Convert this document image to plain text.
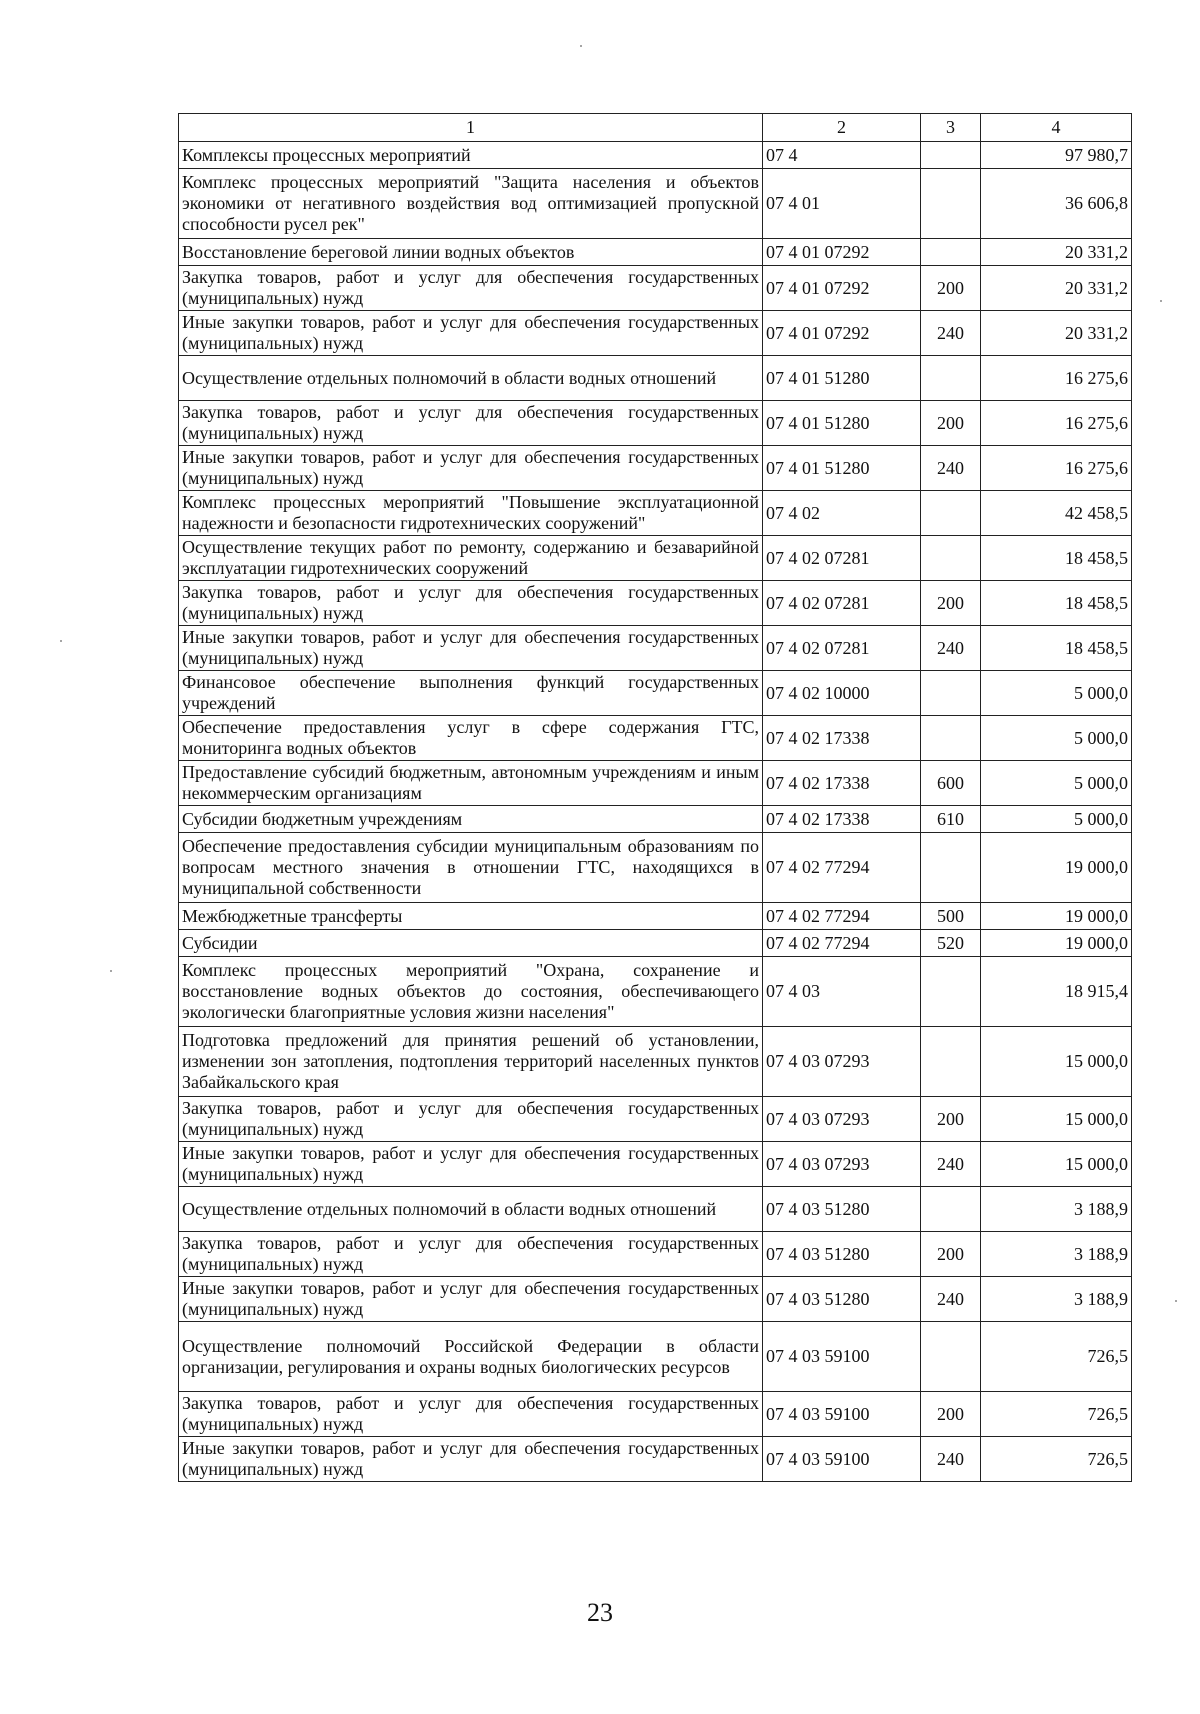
1	2	3	4
Комплексы процессных мероприятий	07 4		97 980,7
Комплекс процессных мероприятий "Защита населения и объектов экономики от негативного воздействия вод оптимизацией пропускной способности русел рек"	07 4 01		36 606,8
Восстановление береговой линии водных объектов	07 4 01 07292		20 331,2
Закупка товаров, работ и услуг для обеспечения государственных (муниципальных) нужд	07 4 01 07292	200	20 331,2
Иные закупки товаров, работ и услуг для обеспечения государственных (муниципальных) нужд	07 4 01 07292	240	20 331,2
Осуществление отдельных полномочий в области водных отношений	07 4 01 51280		16 275,6
Закупка товаров, работ и услуг для обеспечения государственных (муниципальных) нужд	07 4 01 51280	200	16 275,6
Иные закупки товаров, работ и услуг для обеспечения государственных (муниципальных) нужд	07 4 01 51280	240	16 275,6
Комплекс процессных мероприятий "Повышение эксплуатационной надежности и безопасности гидротехнических сооружений"	07 4 02		42 458,5
Осуществление текущих работ по ремонту, содержанию и безаварийной эксплуатации гидротехнических сооружений	07 4 02 07281		18 458,5
Закупка товаров, работ и услуг для обеспечения государственных (муниципальных) нужд	07 4 02 07281	200	18 458,5
Иные закупки товаров, работ и услуг для обеспечения государственных (муниципальных) нужд	07 4 02 07281	240	18 458,5
Финансовое обеспечение выполнения функций государственных учреждений	07 4 02 10000		5 000,0
Обеспечение предоставления услуг в сфере содержания ГТС, мониторинга водных объектов	07 4 02 17338		5 000,0
Предоставление субсидий бюджетным, автономным учреждениям и иным некоммерческим организациям	07 4 02 17338	600	5 000,0
Субсидии бюджетным учреждениям	07 4 02 17338	610	5 000,0
Обеспечение предоставления субсидии муниципальным образованиям по вопросам местного значения в отношении ГТС, находящихся в муниципальной собственности	07 4 02 77294		19 000,0
Межбюджетные трансферты	07 4 02 77294	500	19 000,0
Субсидии	07 4 02 77294	520	19 000,0
Комплекс процессных мероприятий "Охрана, сохранение и восстановление водных объектов до состояния, обеспечивающего экологически благоприятные условия жизни населения"	07 4 03		18 915,4
Подготовка предложений для принятия решений об установлении, изменении зон затопления, подтопления территорий населенных пунктов Забайкальского края	07 4 03 07293		15 000,0
Закупка товаров, работ и услуг для обеспечения государственных (муниципальных) нужд	07 4 03 07293	200	15 000,0
Иные закупки товаров, работ и услуг для обеспечения государственных (муниципальных) нужд	07 4 03 07293	240	15 000,0
Осуществление отдельных полномочий в области водных отношений	07 4 03 51280		3 188,9
Закупка товаров, работ и услуг для обеспечения государственных (муниципальных) нужд	07 4 03 51280	200	3 188,9
Иные закупки товаров, работ и услуг для обеспечения государственных (муниципальных) нужд	07 4 03 51280	240	3 188,9
Осуществление полномочий Российской Федерации в области организации, регулирования и охраны водных биологических ресурсов	07 4 03 59100		726,5
Закупка товаров, работ и услуг для обеспечения государственных (муниципальных) нужд	07 4 03 59100	200	726,5
Иные закупки товаров, работ и услуг для обеспечения государственных (муниципальных) нужд	07 4 03 59100	240	726,5
23
